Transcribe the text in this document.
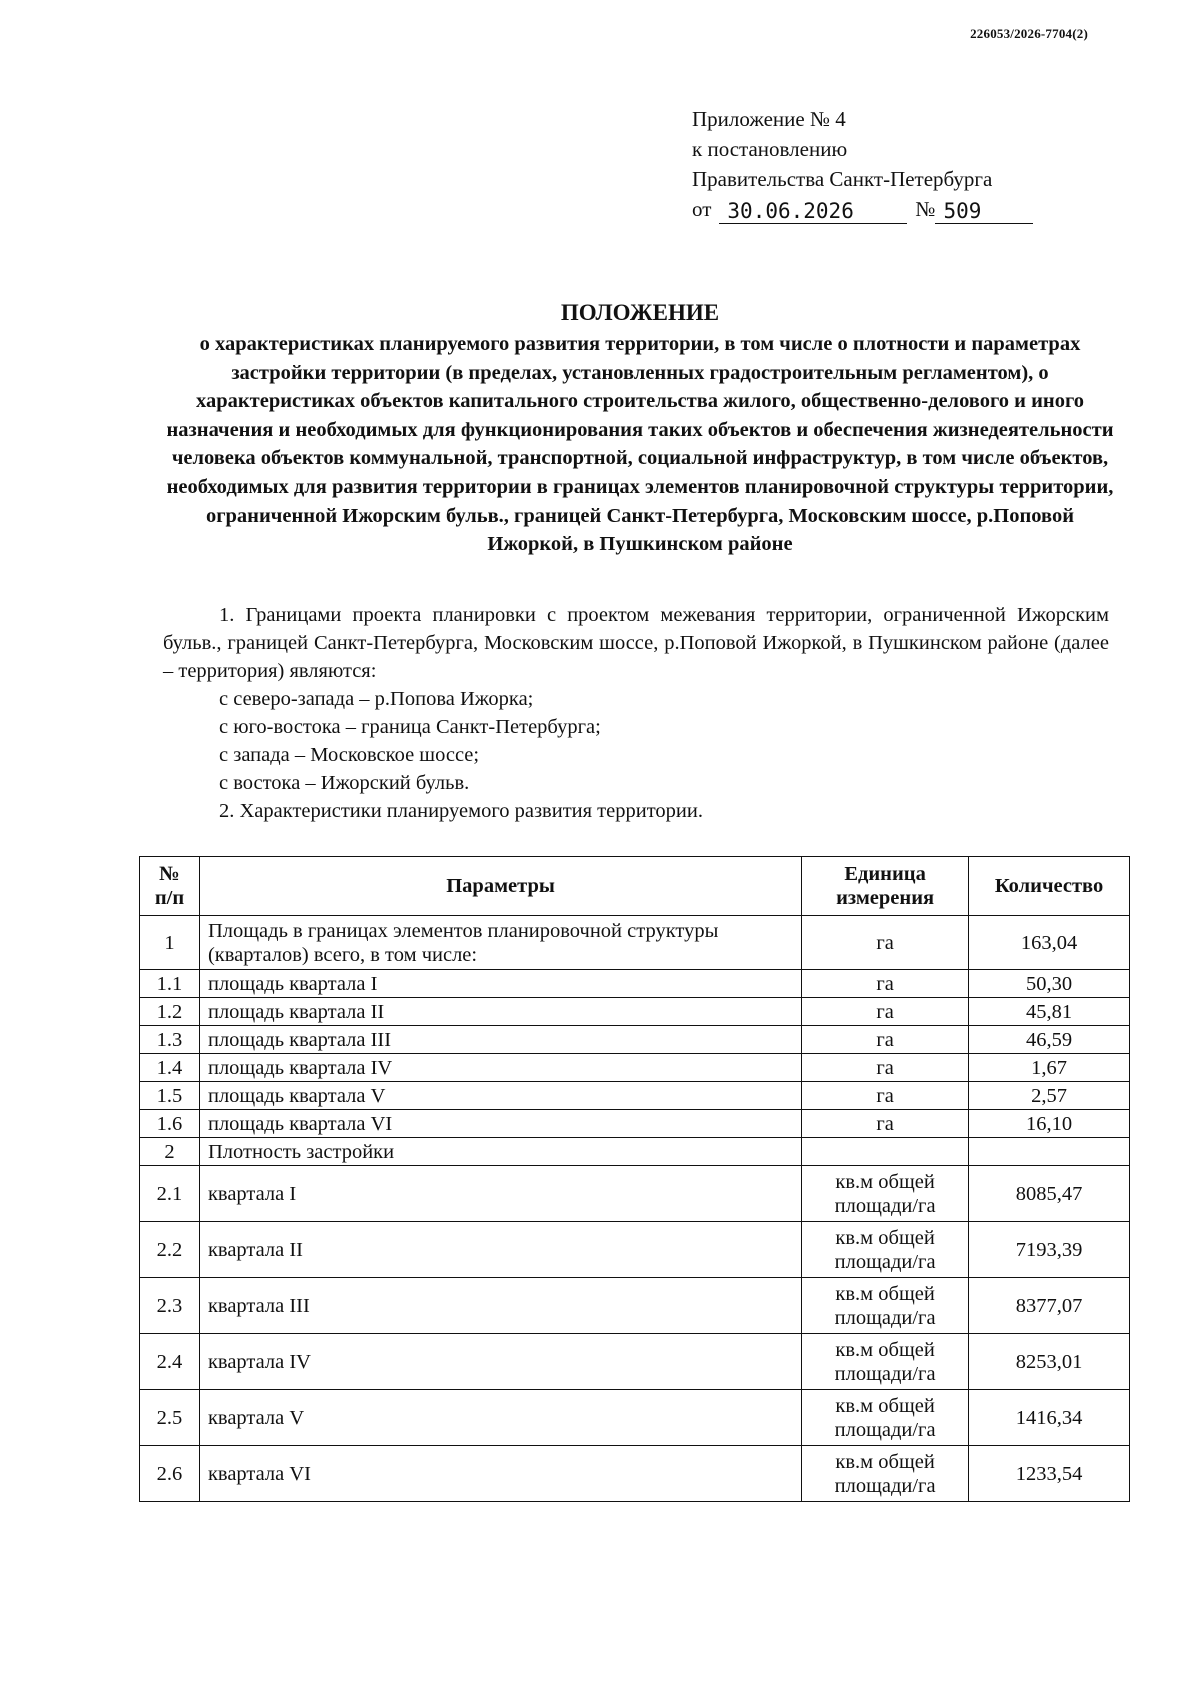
226053/2026-7704(2)
Приложение № 4
к постановлению
Правительства Санкт-Петербурга
от 30.06.2026	№ 509
ПОЛОЖЕНИЕ
о характеристиках планируемого развития территории, в том числе о плотности и параметрах застройки территории (в пределах, установленных градостроительным регламентом), о характеристиках объектов капитального строительства жилого, общественно-делового и иного назначения и необходимых для функционирования таких объектов и обеспечения жизнедеятельности человека объектов коммунальной, транспортной, социальной инфраструктур, в том числе объектов, необходимых для развития территории в границах элементов планировочной структуры территории, ограниченной Ижорским бульв., границей Санкт-Петербурга, Московским шоссе, р.Поповой Ижоркой, в Пушкинском районе

1. Границами проекта планировки с проектом межевания территории, ограниченной Ижорским бульв., границей Санкт-Петербурга, Московским шоссе, р.Поповой Ижоркой, в Пушкинском районе (далее – территория) являются:

с северо-запада – р.Попова Ижорка;

с юго-востока – граница Санкт-Петербурга;

с запада – Московское шоссе;

с востока – Ижорский бульв.

2. Характеристики планируемого развития территории.

№ п/п	Параметры	Единица измерения	Количество
1	Площадь в границах элементов планировочной структуры (кварталов) всего, в том числе:	га	163,04
1.1	площадь квартала I	га	50,30
1.2	площадь квартала II	га	45,81
1.3	площадь квартала III	га	46,59
1.4	площадь квартала IV	га	1,67
1.5	площадь квартала V	га	2,57
1.6	площадь квартала VI	га	16,10
2	Плотность застройки		
2.1	квартала I	кв.м общей площади/га	8085,47
2.2	квартала II	кв.м общей площади/га	7193,39
2.3	квартала III	кв.м общей площади/га	8377,07
2.4	квартала IV	кв.м общей площади/га	8253,01
2.5	квартала V	кв.м общей площади/га	1416,34
2.6	квартала VI	кв.м общей площади/га	1233,54
